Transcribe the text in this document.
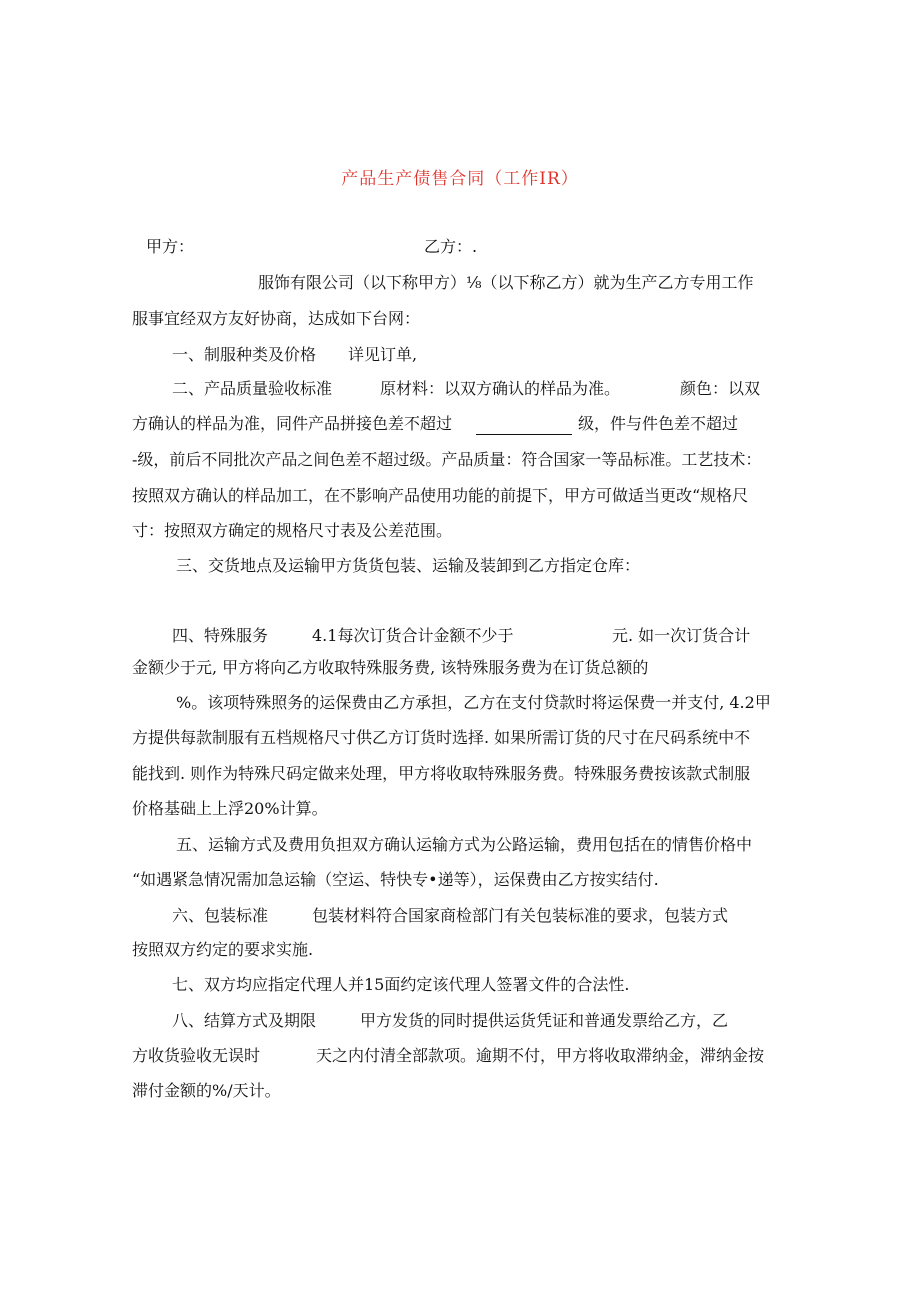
产品生产债售合同（工作IR）
甲方：	乙方：.
服饰有限公司（以下称甲方）⅛（以下称乙方）就为生产乙方专用工作
服事宜经双方友好协商，达成如下台网：
一、制服种类及价格 详见订单,
二、产品质量验收标准	原材料：以双方确认的样品为准。	颜色：以双
方确认的样品为准，同件产品拼接色差不超过	级，件与件色差不超过
-级，前后不同批次产品之间色差不超过级。产品质量：符合国家一等品标准。工艺技术：
按照双方确认的样品加工，在不影响产品使用功能的前提下，甲方可做适当更改“规格尺
寸：按照双方确定的规格尺寸表及公差范围。
三、交货地点及运输甲方货货包装、运输及装卸到乙方指定仓库：
四、特殊服务	4.1每次订货合计金额不少于	元. 如一次订货合计
金额少于元, 甲方将向乙方收取特殊服务费, 该特殊服务费为在订货总额的
%。该项特殊照务的运保费由乙方承担，乙方在支付贷款时将运保费一并支付, 4.2甲
方提供每款制服有五档规格尺寸供乙方订货时选择. 如果所需订货的尺寸在尺码系统中不
能找到. 则作为特殊尺码定做来处理，甲方将收取特殊服务费。特殊服务费按该款式制服
价格基础上上浮20%计算。
五、运输方式及费用负担双方确认运输方式为公路运输，费用包括在的情售价格中
“如遇紧急情况需加急运输（空运、特快专•递等），运保费由乙方按实结付.
六、包装标准	包装材料符合国家商检部门有关包装标准的要求，包装方式
按照双方约定的要求实施.
七、双方均应指定代理人并15面约定该代理人签署文件的合法性.
八、结算方式及期限	甲方发货的同时提供运货凭证和普通发票给乙方，乙
方收货验收无误时	天之内付清全部款项。逾期不付，甲方将收取滞纳金，滞纳金按
滞付金额的%/天计。
